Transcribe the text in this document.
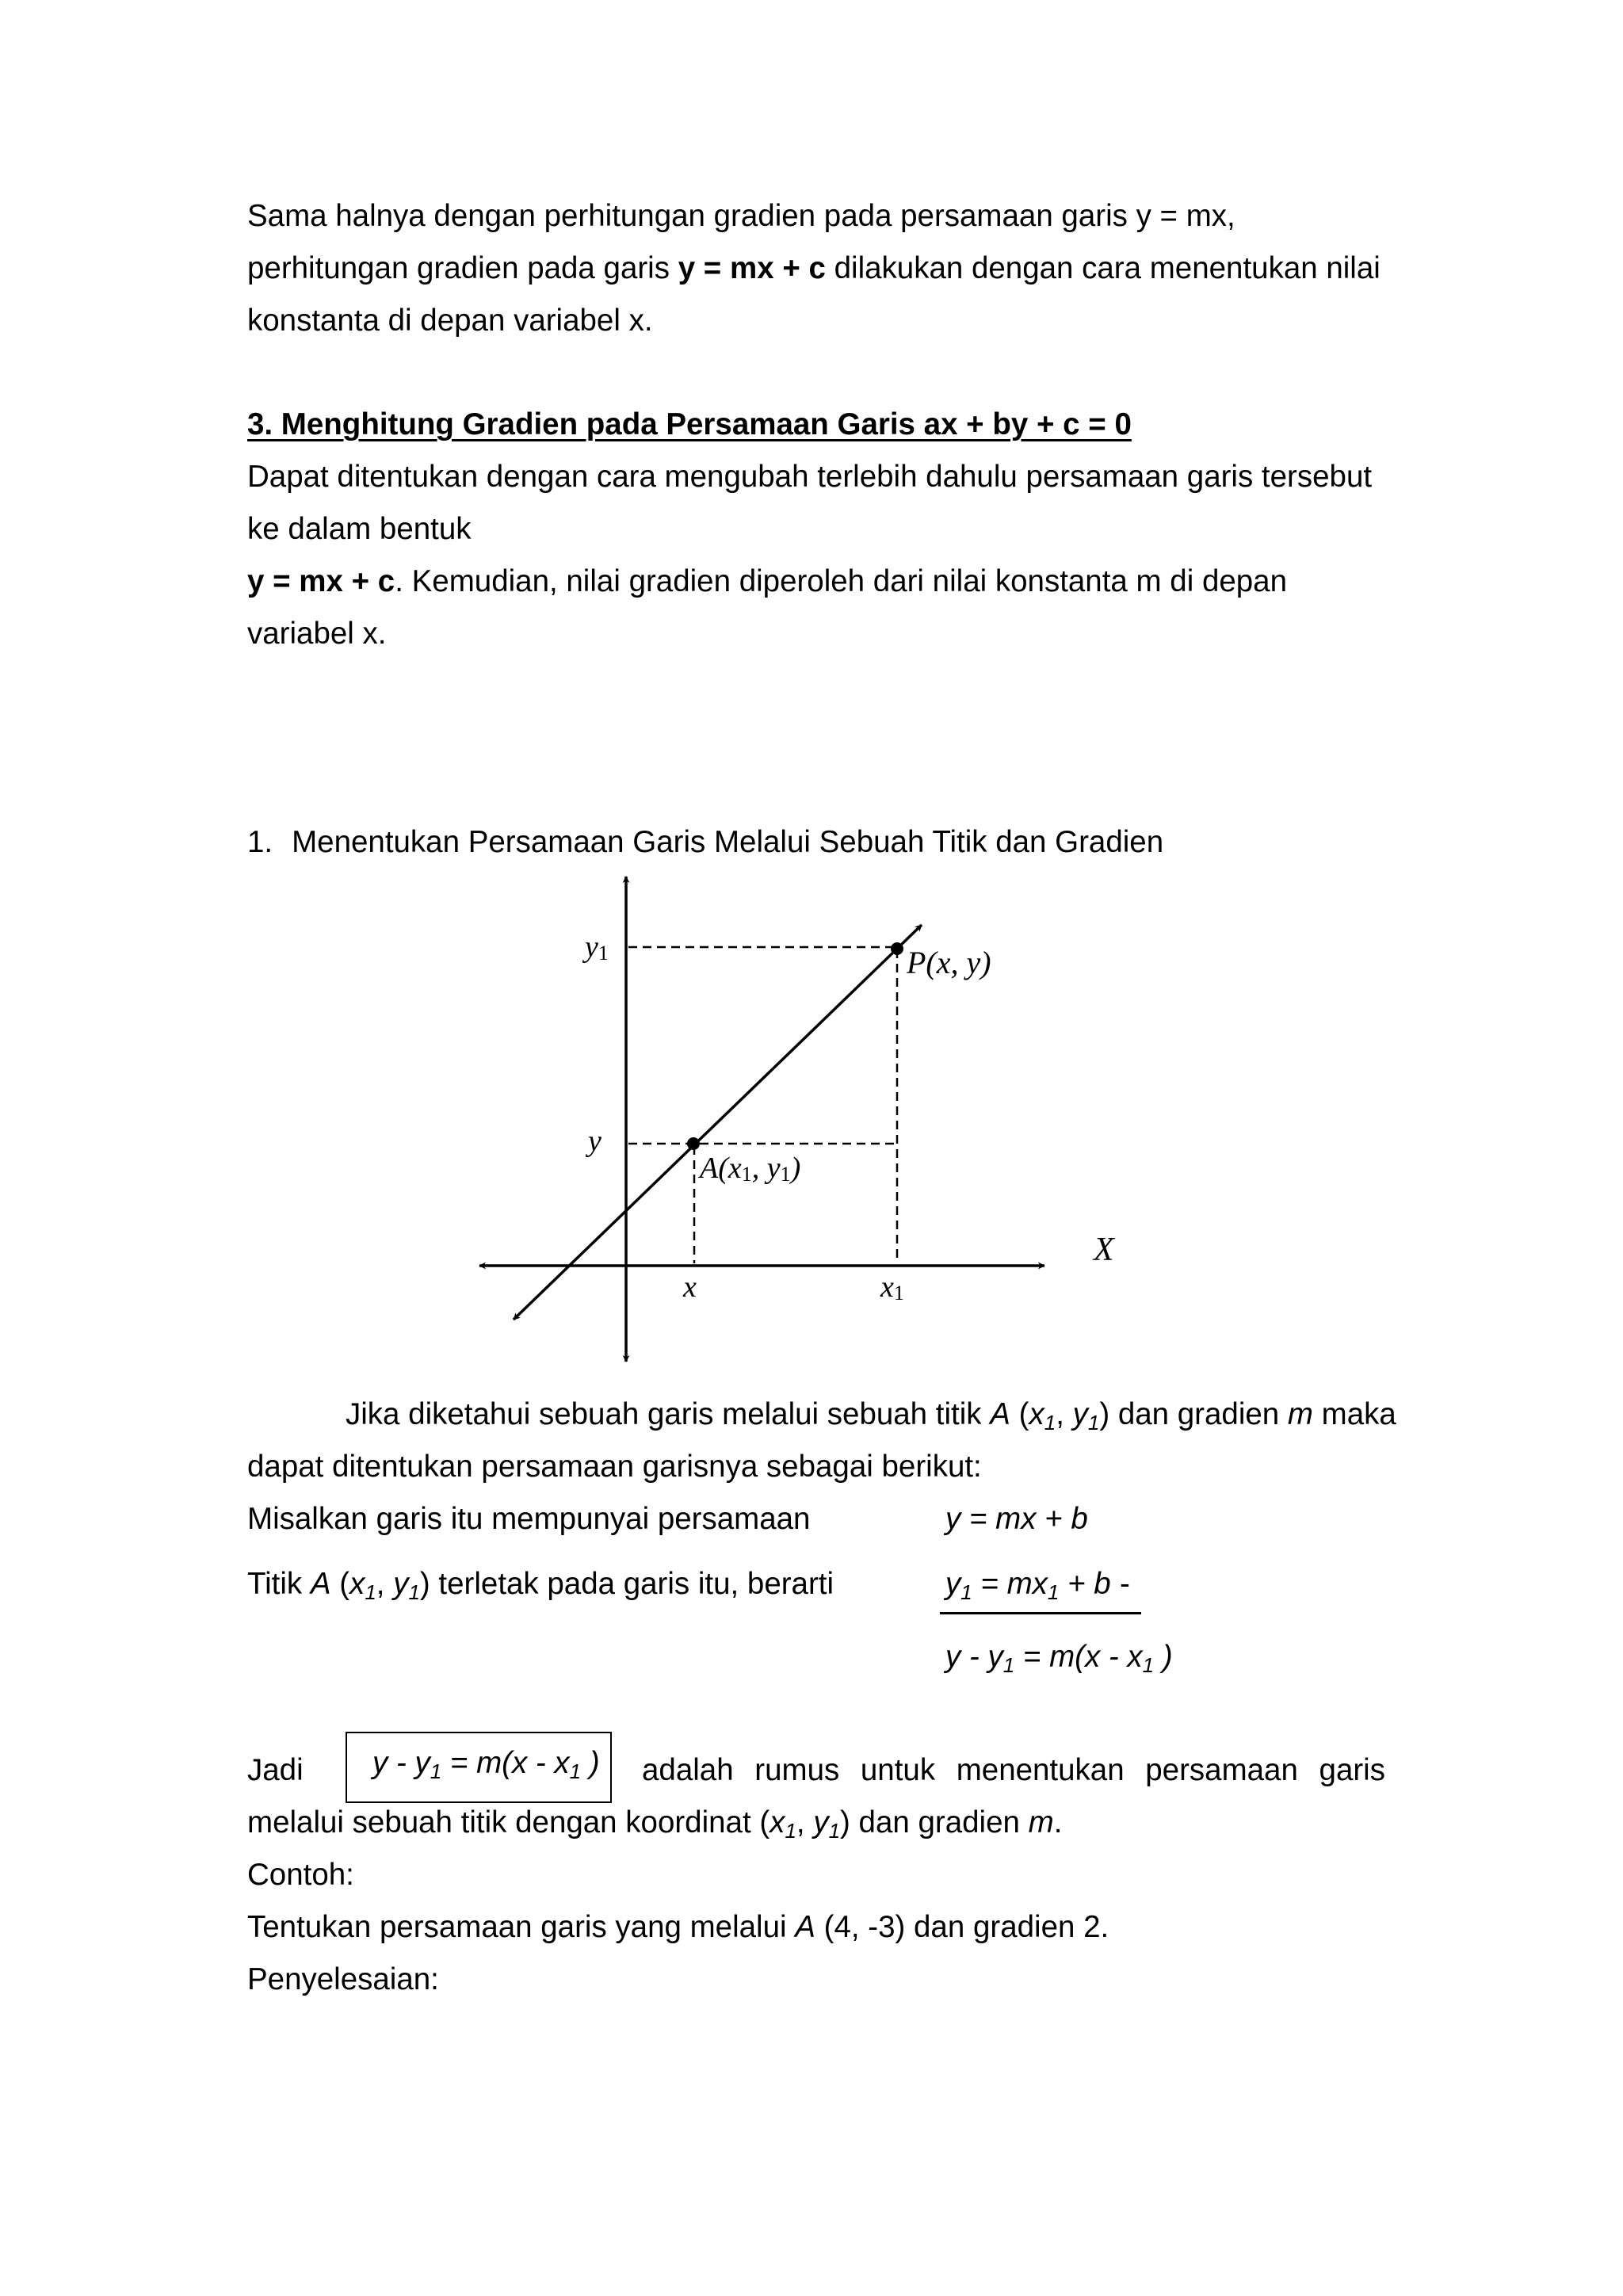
Sama halnya dengan perhitungan gradien pada persamaan garis y = mx,
perhitungan gradien pada garis y = mx + c dilakukan dengan cara menentukan nilai
konstanta di depan variabel x.
3. Menghitung Gradien pada Persamaan Garis ax + by + c = 0
Dapat ditentukan dengan cara mengubah terlebih dahulu persamaan garis tersebut
ke dalam bentuk
y = mx + c. Kemudian, nilai gradien diperoleh dari nilai konstanta m di depan
variabel x.
1. Menentukan Persamaan Garis Melalui Sebuah Titik dan Gradien
y1
y
P(x, y)
A(x1, y1)
x	x1
X
Jika diketahui sebuah garis melalui sebuah titik A ($x_1$, $y_1$) dan gradien m maka
dapat ditentukan persamaan garisnya sebagai berikut:
Misalkan garis itu mempunyai persamaan	y = mx + b
Titik A ($x_1$, $y_1$) terletak pada garis itu, berarti	$y_1 = mx_1 + b$ -
$y - y_1 = m(x - x_1$ )
Jadi $y - y_1 = m(x - x_1$ ) adalah rumus untuk menentukan persamaan garis
melalui sebuah titik dengan koordinat ($x_1$, $y_1$) dan gradien m.
Contoh:
Tentukan persamaan garis yang melalui A (4, -3) dan gradien 2.
Penyelesaian:
